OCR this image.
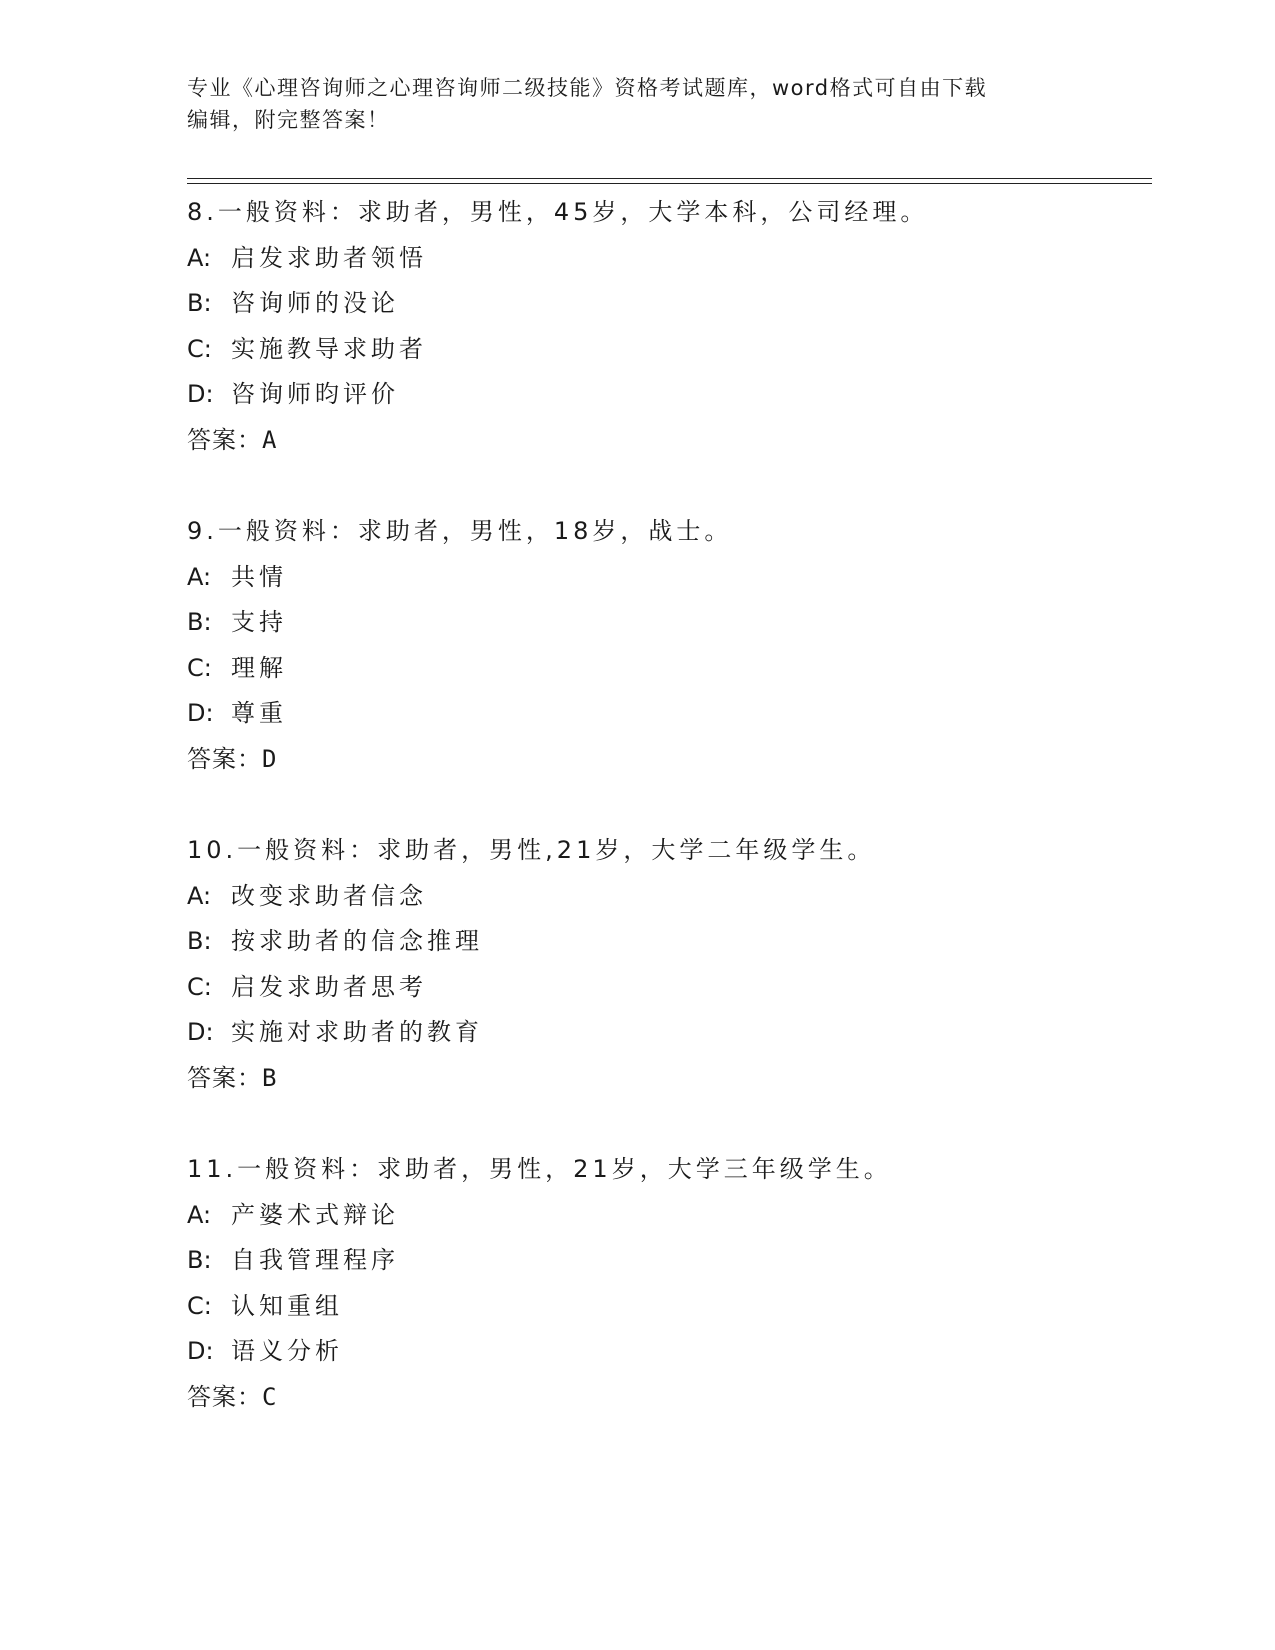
专业《心理咨询师之心理咨询师二级技能》资格考试题库，word格式可自由下载
编辑，附完整答案！
8.一般资料：求助者，男性，45岁，大学本科，公司经理。
A: 启发求助者领悟
B: 咨询师的没论
C: 实施教导求助者
D: 咨询师昀评价
答案：A
9.一般资料：求助者，男性，18岁，战士。
A: 共情
B: 支持
C: 理解
D: 尊重
答案：D
10.一般资料：求助者，男性,21岁，大学二年级学生。
A: 改变求助者信念
B: 按求助者的信念推理
C: 启发求助者思考
D: 实施对求助者的教育
答案：B
11.一般资料：求助者，男性，21岁，大学三年级学生。
A: 产婆术式辩论
B: 自我管理程序
C: 认知重组
D: 语义分析
答案：C
